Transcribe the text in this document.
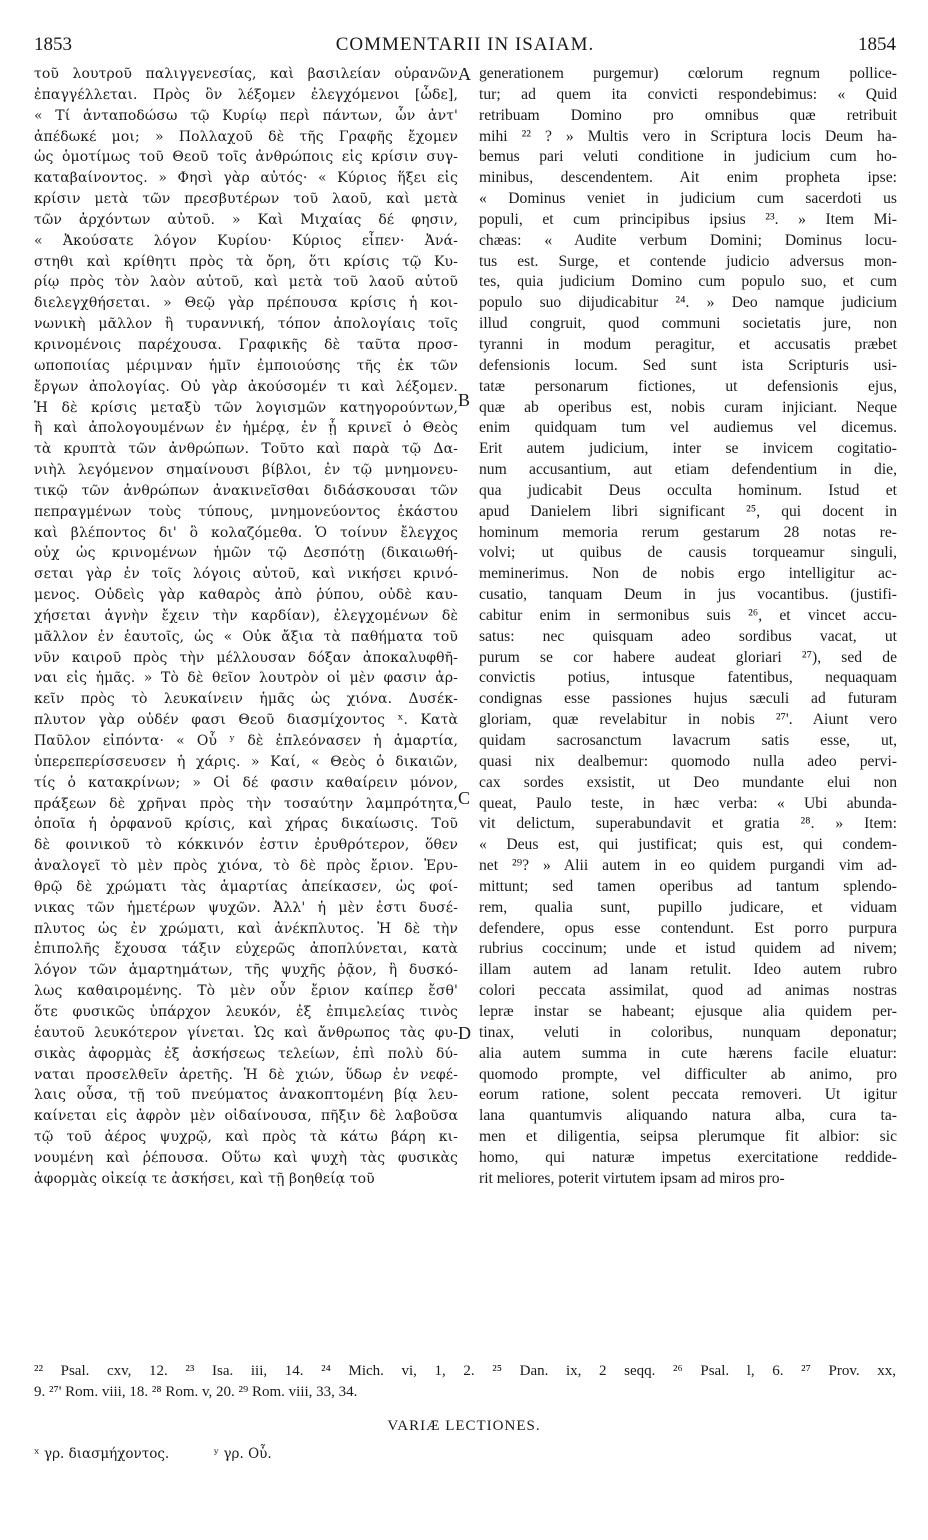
1853	COMMENTARII IN ISAIAM.	1854
τοῦ λουτροῦ παλιγγενεσίας, καὶ βασιλείαν οὐρανῶν
ἐπαγγέλλεται. Πρὸς ὃν λέξομεν ἐλεγχόμενοι [ὧδε],
« Τί ἀνταποδώσω τῷ Κυρίῳ περὶ πάντων, ὧν ἀντ'
ἀπέδωκέ μοι; » Πολλαχοῦ δὲ τῆς Γραφῆς ἔχομεν
ὡς ὁμοτίμως τοῦ Θεοῦ τοῖς ἀνθρώποις εἰς κρίσιν συγ-
καταβαίνοντος. » Φησὶ γὰρ αὐτός· « Κύριος ἥξει εἰς
κρίσιν μετὰ τῶν πρεσβυτέρων τοῦ λαοῦ, καὶ μετὰ
τῶν ἀρχόντων αὐτοῦ. » Καὶ Μιχαίας δέ φησιν,
« Ἀκούσατε λόγον Κυρίου· Κύριος εἶπεν· Ἀνά-
στηθι καὶ κρίθητι πρὸς τὰ ὄρη, ὅτι κρίσις τῷ Κυ-
ρίῳ πρὸς τὸν λαὸν αὐτοῦ, καὶ μετὰ τοῦ λαοῦ αὐτοῦ
διελεγχθήσεται. » Θεῷ γὰρ πρέπουσα κρίσις ἡ κοι-
νωνικὴ μᾶλλον ἢ τυραννική, τόπον ἀπολογίαις τοῖς
κρινομένοις παρέχουσα. Γραφικῆς δὲ ταῦτα προσ-
ωποποιίας μέριμναν ἡμῖν ἐμποιούσης τῆς ἐκ τῶν
ἔργων ἀπολογίας. Οὐ γὰρ ἀκούσομέν τι καὶ λέξομεν.
Ἡ δὲ κρίσις μεταξὺ τῶν λογισμῶν κατηγορούντων,
ἢ καὶ ἀπολογουμένων ἐν ἡμέρᾳ, ἐν ᾗ κρινεῖ ὁ Θεὸς
τὰ κρυπτὰ τῶν ἀνθρώπων. Τοῦτο καὶ παρὰ τῷ Δα-
νιὴλ λεγόμενον σημαίνουσι βίβλοι, ἐν τῷ μνημονευ-
τικῷ τῶν ἀνθρώπων ἀνακινεῖσθαι διδάσκουσαι τῶν
πεπραγμένων τοὺς τύπους, μνημονεύοντος ἑκάστου
καὶ βλέποντος δι' ὃ κολαζόμεθα. Ὁ τοίνυν ἔλεγχος
οὐχ ὡς κρινομένων ἡμῶν τῷ Δεσπότῃ (δικαιωθή-
σεται γὰρ ἐν τοῖς λόγοις αὐτοῦ, καὶ νικήσει κρινό-
μενος. Οὐδεὶς γὰρ καθαρὸς ἀπὸ ῥύπου, οὐδὲ καυ-
χήσεται ἁγνὴν ἔχειν τὴν καρδίαν), ἐλεγχομένων δὲ
μᾶλλον ἐν ἑαυτοῖς, ὡς « Οὐκ ἄξια τὰ παθήματα τοῦ
νῦν καιροῦ πρὸς τὴν μέλλουσαν δόξαν ἀποκαλυφθῆ-
ναι εἰς ἡμᾶς. » Τὸ δὲ θεῖον λουτρὸν οἱ μὲν φασιν ἀρ-
κεῖν πρὸς τὸ λευκαίνειν ἡμᾶς ὡς χιόνα. Δυσέκ-
πλυτον γὰρ οὐδέν φασι Θεοῦ διασμίχοντος ˣ. Κατὰ
Παῦλον εἰπόντα· « Οὗ ʸ δὲ ἐπλεόνασεν ἡ ἁμαρτία,
ὑπερεπερίσσευσεν ἡ χάρις. » Καί, « Θεὸς ὁ δικαιῶν,
τίς ὁ κατακρίνων; » Οἱ δέ φασιν καθαίρειν μόνον,
πράξεων δὲ χρῆναι πρὸς τὴν τοσαύτην λαμπρότητα,
ὁποῖα ἡ ὀρφανοῦ κρίσις, καὶ χήρας δικαίωσις. Τοῦ
δὲ φοινικοῦ τὸ κόκκινόν ἐστιν ἐρυθρότερον, ὅθεν
ἀναλογεῖ τὸ μὲν πρὸς χιόνα, τὸ δὲ πρὸς ἔριον. Ἐρυ-
θρῷ δὲ χρώματι τὰς ἁμαρτίας ἀπείκασεν, ὡς φοί-
νικας τῶν ἡμετέρων ψυχῶν. Ἀλλ' ἡ μὲν ἐστι δυσέ-
πλυτος ὡς ἐν χρώματι, καὶ ἀνέκπλυτος. Ἡ δὲ τὴν
ἐπιπολῆς ἔχουσα τάξιν εὐχερῶς ἀποπλύνεται, κατὰ
λόγον τῶν ἁμαρτημάτων, τῆς ψυχῆς ῥᾷον, ἢ δυσκό-
λως καθαιρομένης. Τὸ μὲν οὖν ἔριον καίπερ ἔσθ'
ὅτε φυσικῶς ὑπάρχον λευκόν, ἐξ ἐπιμελείας τινὸς
ἑαυτοῦ λευκότερον γίνεται. Ὡς καὶ ἄνθρωπος τὰς φυ-
σικὰς ἀφορμὰς ἐξ ἀσκήσεως τελείων, ἐπὶ πολὺ δύ-
ναται προσελθεῖν ἀρετῆς. Ἡ δὲ χιών, ὕδωρ ἐν νεφέ-
λαις οὖσα, τῇ τοῦ πνεύματος ἀνακοπτομένη βίᾳ λευ-
καίνεται εἰς ἀφρὸν μὲν οἰδαίνουσα, πῆξιν δὲ λαβοῦσα
τῷ τοῦ ἀέρος ψυχρῷ, καὶ πρὸς τὰ κάτω βάρη κι-
νουμένη καὶ ῥέπουσα. Οὕτω καὶ ψυχὴ τὰς φυσικὰς
ἀφορμὰς οἰκείᾳ τε ἀσκήσει, καὶ τῇ βοηθείᾳ τοῦ
generationem purgemur) cœlorum regnum pollice-
tur; ad quem ita convicti respondebimus: « Quid
retribuam Domino pro omnibus quæ retribuit
mihi ²² ? » Multis vero in Scriptura locis Deum ha-
bemus pari veluti conditione in judicium cum ho-
minibus, descendentem. Ait enim propheta ipse:
« Dominus veniet in judicium cum sacerdoti us
populi, et cum principibus ipsius ²³. » Item Mi-
chæas: « Audite verbum Domini; Dominus locu-
tus est. Surge, et contende judicio adversus mon-
tes, quia judicium Domino cum populo suo, et cum
populo suo dijudicabitur ²⁴. » Deo namque judicium
illud congruit, quod communi societatis jure, non
tyranni in modum peragitur, et accusatis præbet
defensionis locum. Sed sunt ista Scripturis usi-
tatæ personarum fictiones, ut defensionis ejus,
quæ ab operibus est, nobis curam injiciant. Neque
enim quidquam tum vel audiemus vel dicemus.
Erit autem judicium, inter se invicem cogitatio-
num accusantium, aut etiam defendentium in die,
qua judicabit Deus occulta hominum. Istud et
apud Danielem libri significant ²⁵, qui docent in
hominum memoria rerum gestarum 28 notas re-
volvi; ut quibus de causis torqueamur singuli,
meminerimus. Non de nobis ergo intelligitur ac-
cusatio, tanquam Deum in jus vocantibus. (justifi-
cabitur enim in sermonibus suis ²⁶, et vincet accu-
satus: nec quisquam adeo sordibus vacat, ut
purum se cor habere audeat gloriari ²⁷), sed de
convictis potius, intusque fatentibus, nequaquam
condignas esse passiones hujus sæculi ad futuram
gloriam, quæ revelabitur in nobis ²⁷'. Aiunt vero
quidam sacrosanctum lavacrum satis esse, ut,
quasi nix dealbemur: quomodo nulla adeo pervi-
cax sordes exsistit, ut Deo mundante elui non
queat, Paulo teste, in hæc verba: « Ubi abunda-
vit delictum, superabundavit et gratia ²⁸. » Item:
« Deus est, qui justificat; quis est, qui condem-
net ²⁹? » Alii autem in eo quidem purgandi vim ad-
mittunt; sed tamen operibus ad tantum splendo-
rem, qualia sunt, pupillo judicare, et viduam
defendere, opus esse contendunt. Est porro purpura
rubrius coccinum; unde et istud quidem ad nivem;
illam autem ad lanam retulit. Ideo autem rubro
colori peccata assimilat, quod ad animas nostras
lepræ instar se habeant; ejusque alia quidem per-
tinax, veluti in coloribus, nunquam deponatur;
alia autem summa in cute hærens facile eluatur:
quomodo prompte, vel difficulter ab animo, pro
eorum ratione, solent peccata removeri. Ut igitur
lana quantumvis aliquando natura alba, cura ta-
men et diligentia, seipsa plerumque fit albior: sic
homo, qui naturæ impetus exercitatione reddide-
rit meliores, poterit virtutem ipsam ad miros pro-
A
B
C
D
²² Psal. cxv, 12. ²³ Isa. iii, 14. ²⁴ Mich. vi, 1, 2. ²⁵ Dan. ix, 2 seqq. ²⁶ Psal. l, 6. ²⁷ Prov. xx,
9. ²⁷' Rom. viii, 18. ²⁸ Rom. v, 20. ²⁹ Rom. viii, 33, 34.
VARIÆ LECTIONES.
ˣ γρ. διασμήχοντος.	ʸ γρ. Οὗ.
